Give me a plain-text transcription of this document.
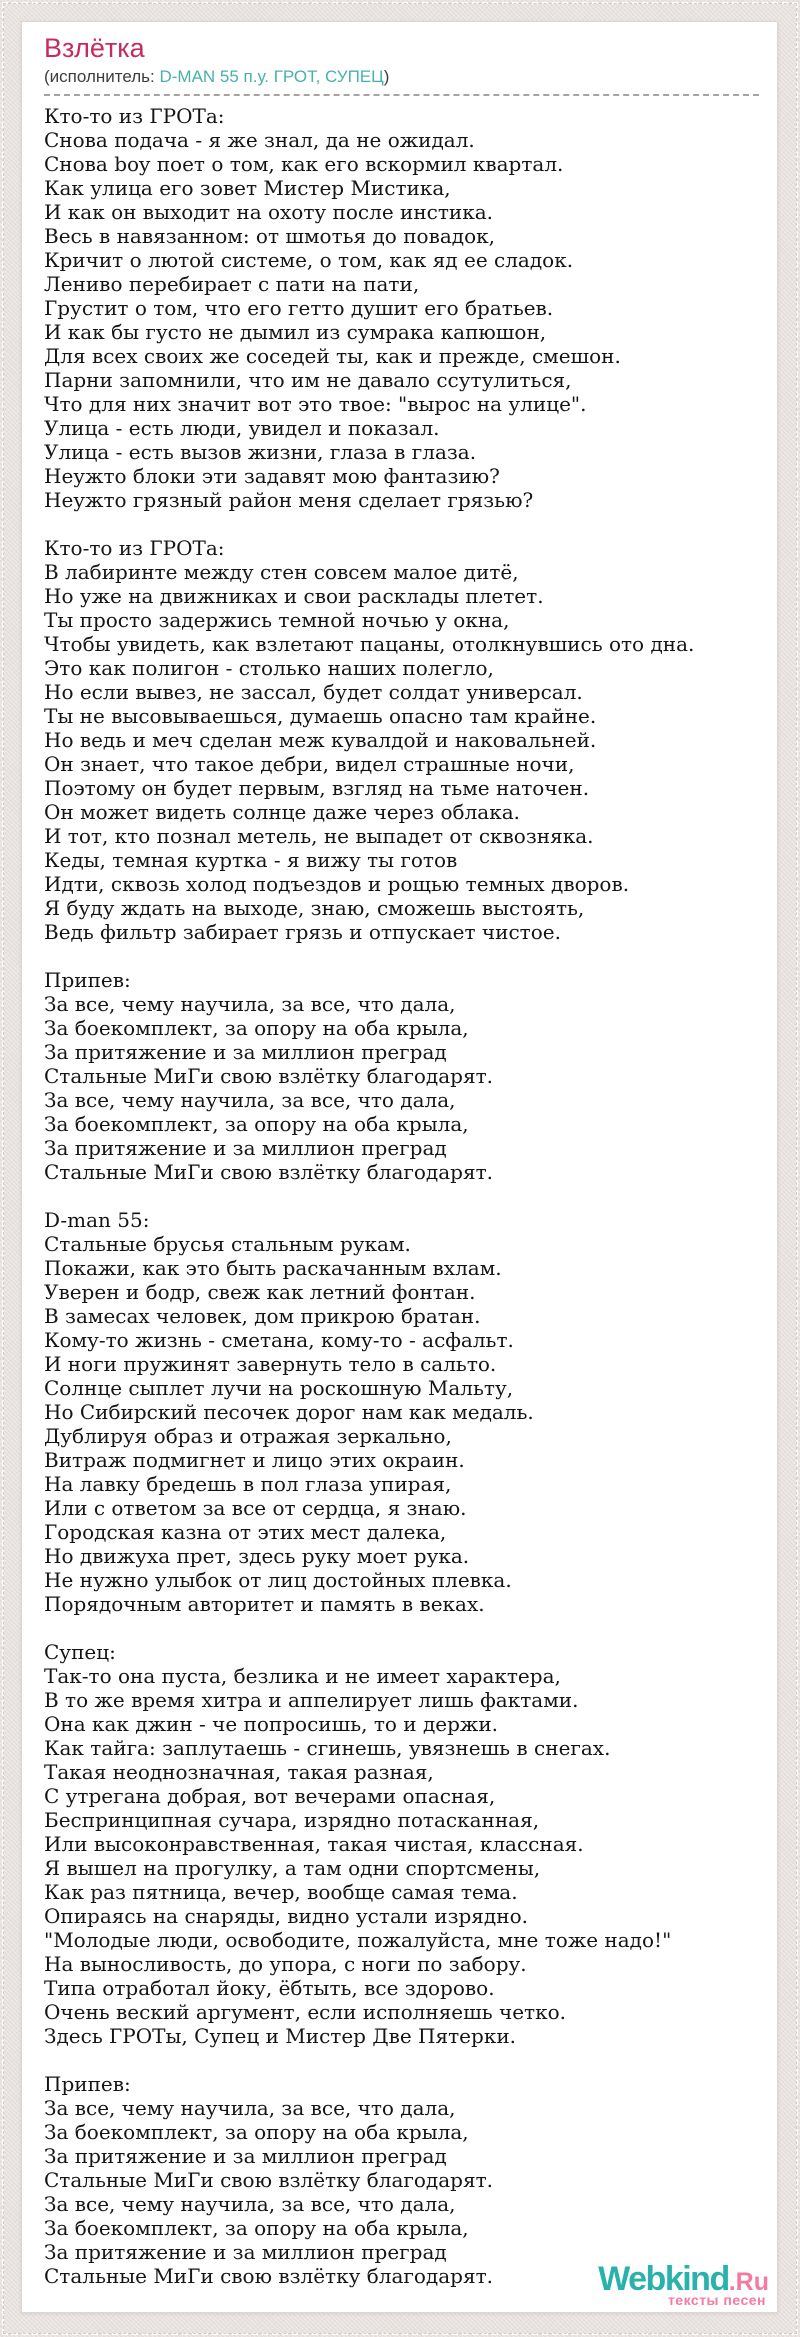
Взлётка
(исполнитель: D-MAN 55 п.у. ГРОТ, СУПЕЦ)
Кто-то из ГРОТа:
Снова подача - я же знал, да не ожидал.
Снова boy поет о том, как его вскормил квартал.
Как улица его зовет Мистер Мистика,
И как он выходит на охоту после инстика.
Весь в навязанном: от шмотья до повадок,
Кричит о лютой системе, о том, как яд ее сладок.
Лениво перебирает с пати на пати,
Грустит о том, что его гетто душит его братьев.
И как бы густо не дымил из сумрака капюшон,
Для всех своих же соседей ты, как и прежде, смешон.
Парни запомнили, что им не давало ссутулиться,
Что для них значит вот это твое: "вырос на улице".
Улица - есть люди, увидел и показал.
Улица - есть вызов жизни, глаза в глаза.
Неужто блоки эти задавят мою фантазию?
Неужто грязный район меня сделает грязью?
Кто-то из ГРОТа:
В лабиринте между стен совсем малое дитё,
Но уже на движниках и свои расклады плетет.
Ты просто задержись темной ночью у окна,
Чтобы увидеть, как взлетают пацаны, отолкнувшись ото дна.
Это как полигон - столько наших полегло,
Но если вывез, не зассал, будет солдат универсал.
Ты не высовываешься, думаешь опасно там крайне.
Но ведь и меч сделан меж кувалдой и наковальней.
Он знает, что такое дебри, видел страшные ночи,
Поэтому он будет первым, взгляд на тьме наточен.
Он может видеть солнце даже через облака.
И тот, кто познал метель, не выпадет от сквозняка.
Кеды, темная куртка - я вижу ты готов
Идти, сквозь холод подъездов и рощью темных дворов.
Я буду ждать на выходе, знаю, сможешь выстоять,
Ведь фильтр забирает грязь и отпускает чистое.
Припев:
За все, чему научила, за все, что дала,
За боекомплект, за опору на оба крыла,
За притяжение и за миллион преград
Стальные МиГи свою взлётку благодарят.
За все, чему научила, за все, что дала,
За боекомплект, за опору на оба крыла,
За притяжение и за миллион преград
Стальные МиГи свою взлётку благодарят.
D-man 55:
Стальные брусья стальным рукам.
Покажи, как это быть раскачанным вхлам.
Уверен и бодр, свеж как летний фонтан.
В замесах человек, дом прикрою братан.
Кому-то жизнь - сметана, кому-то - асфальт.
И ноги пружинят завернуть тело в сальто.
Солнце сыплет лучи на роскошную Мальту,
Но Сибирский песочек дорог нам как медаль.
Дублируя образ и отражая зеркально,
Витраж подмигнет и лицо этих окраин.
На лавку бредешь в пол глаза упирая,
Или с ответом за все от сердца, я знаю.
Городская казна от этих мест далека,
Но движуха прет, здесь руку моет рука.
Не нужно улыбок от лиц достойных плевка.
Порядочным авторитет и память в веках.
Супец:
Так-то она пуста, безлика и не имеет характера,
В то же время хитра и аппелирует лишь фактами.
Она как джин - че попросишь, то и держи.
Как тайга: заплутаешь - сгинешь, увязнешь в снегах.
Такая неоднозначная, такая разная,
С утрегана добрая, вот вечерами опасная,
Беспринципная сучара, изрядно потасканная,
Или высоконравственная, такая чистая, классная.
Я вышел на прогулку, а там одни спортсмены,
Как раз пятница, вечер, вообще самая тема.
Опираясь на снаряды, видно устали изрядно.
"Молодые люди, освободите, пожалуйста, мне тоже надо!"
На выносливость, до упора, с ноги по забору.
Типа отработал йоку, ёбтыть, все здорово.
Очень веский аргумент, если исполняешь четко.
Здесь ГРОТы, Супец и Мистер Две Пятерки.
Припев:
За все, чему научила, за все, что дала,
За боекомплект, за опору на оба крыла,
За притяжение и за миллион преград
Стальные МиГи свою взлётку благодарят.
За все, чему научила, за все, что дала,
За боекомплект, за опору на оба крыла,
За притяжение и за миллион преград
Стальные МиГи свою взлётку благодарят.	Webkind.Ru
тексты песен
